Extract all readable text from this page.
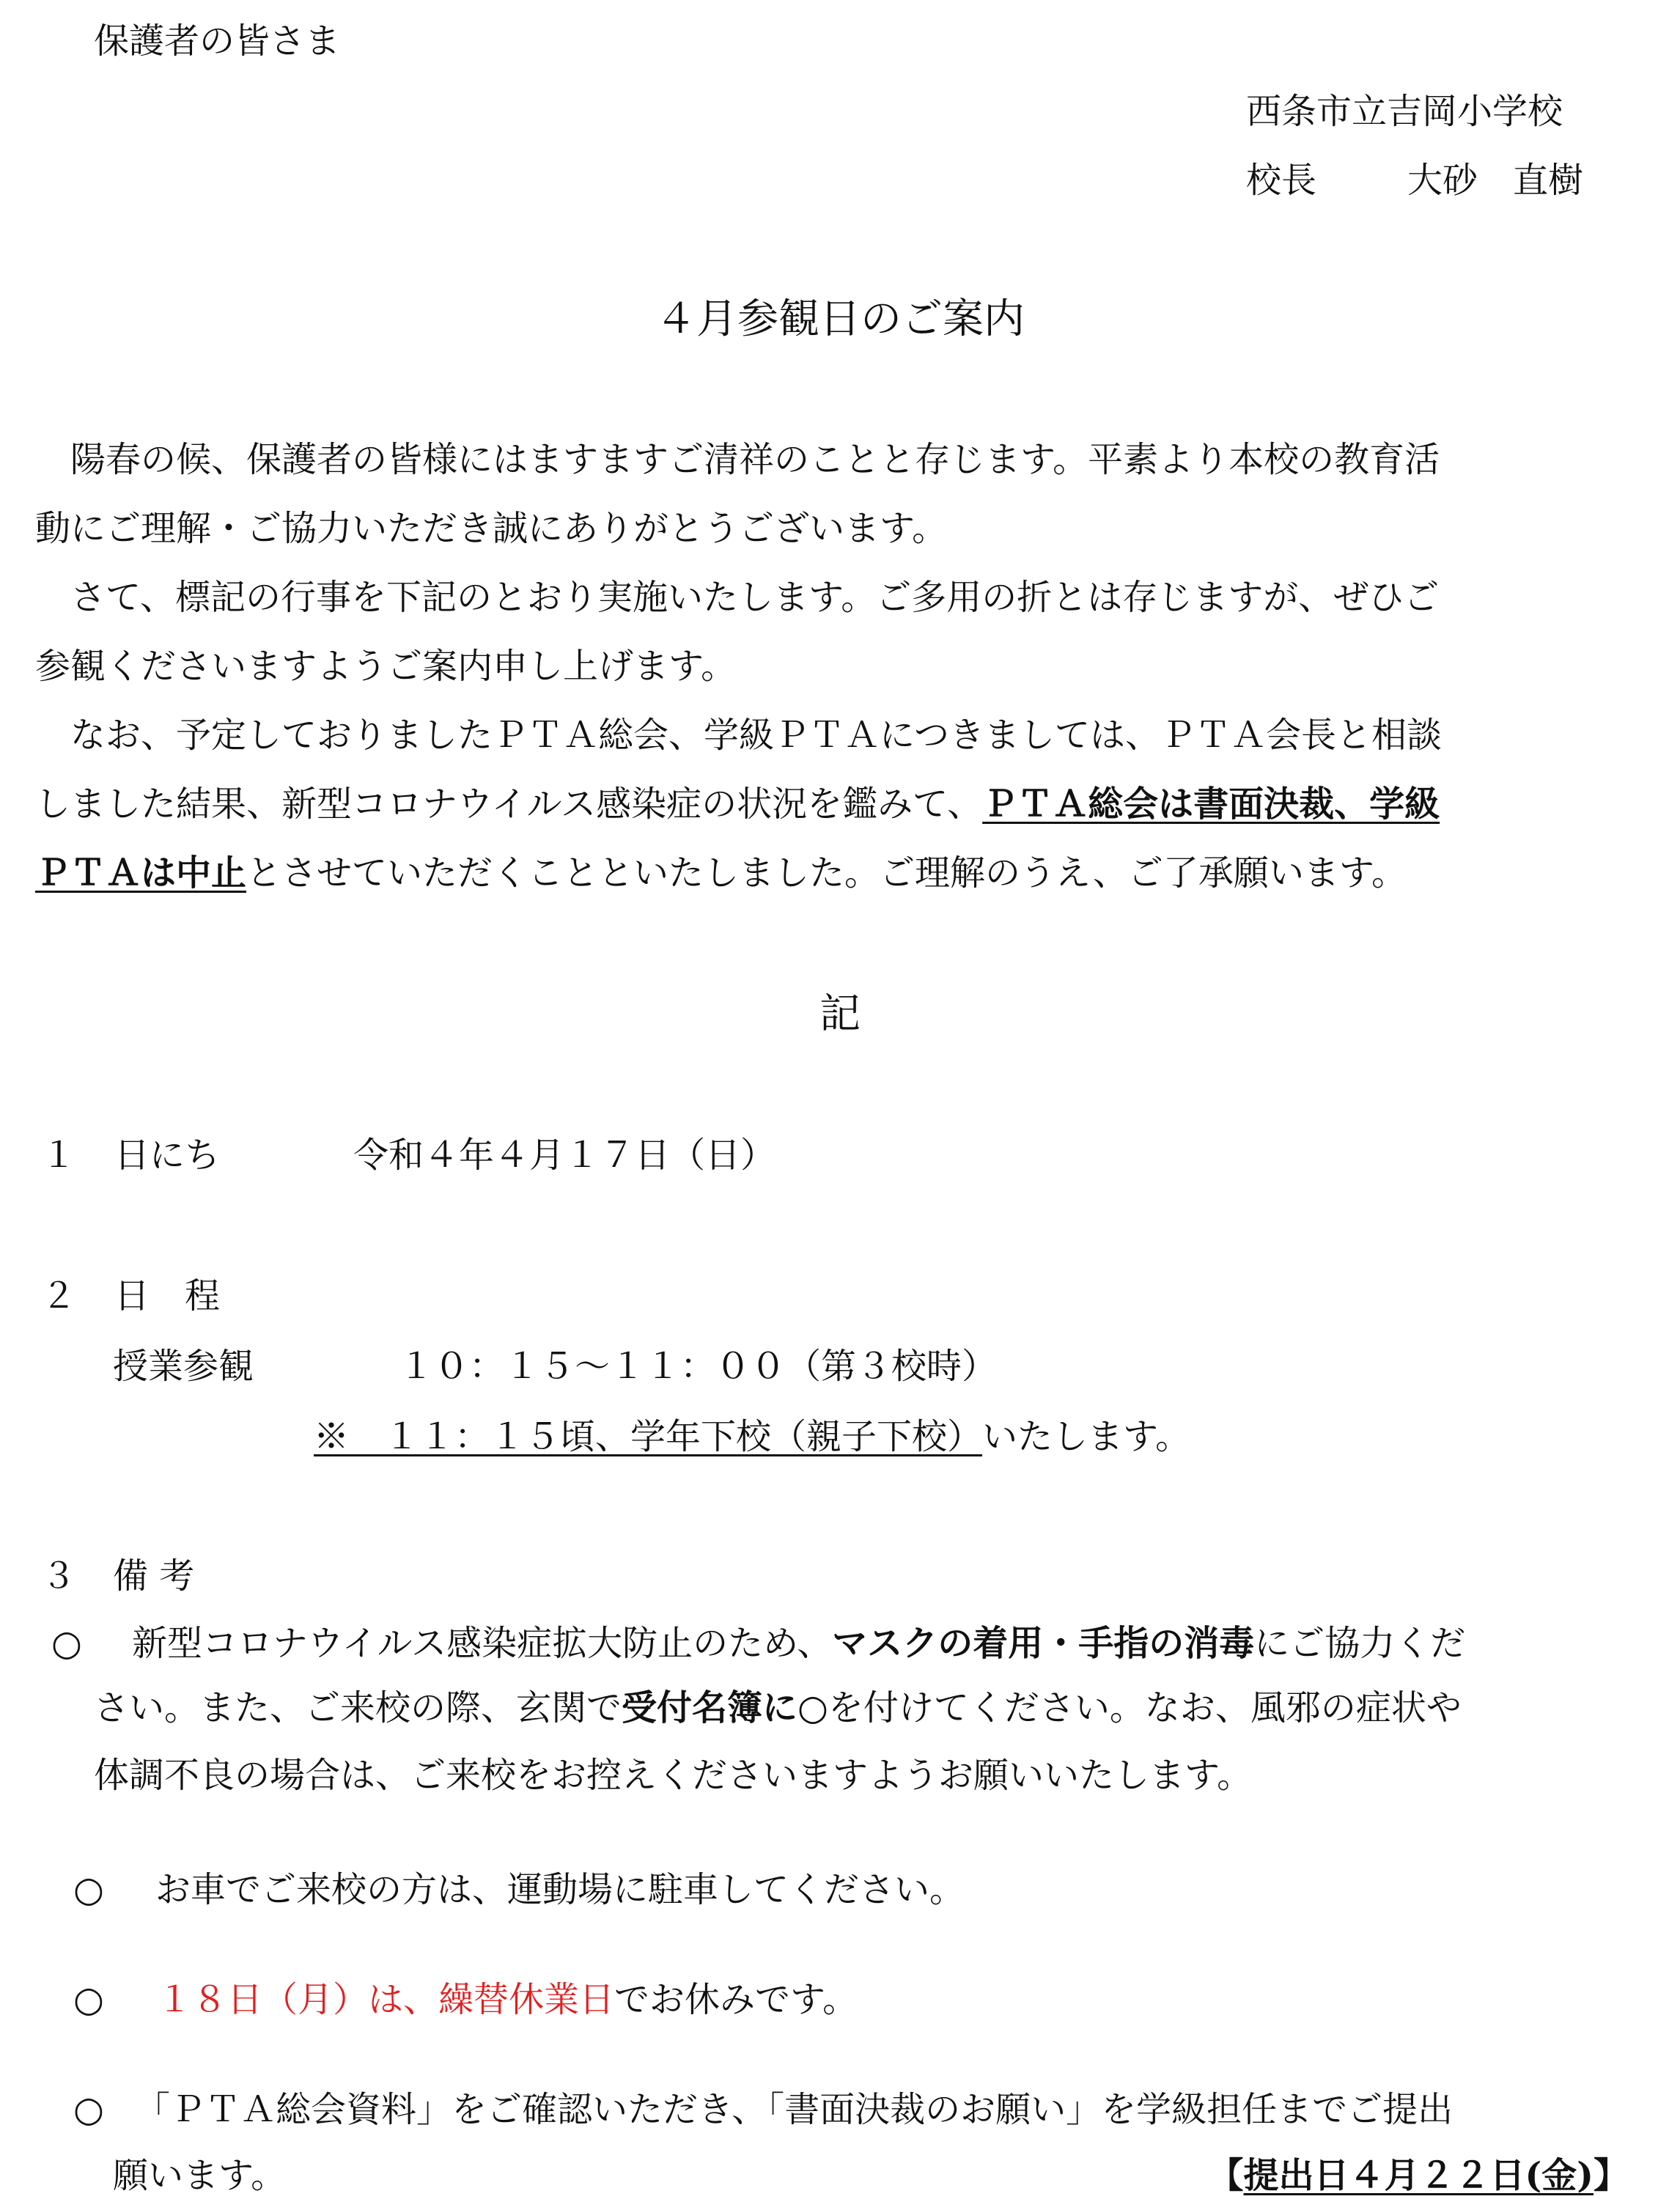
保護者の皆さま
西条市立吉岡小学校
校長	大砂　直樹
４月参観日のご案内
　陽春の候、保護者の皆様にはますますご清祥のことと存じます。平素より本校の教育活
動にご理解・ご協力いただき誠にありがとうございます。
　さて、標記の行事を下記のとおり実施いたします。ご多用の折とは存じますが、ぜひご
参観くださいますようご案内申し上げます。
　なお、予定しておりましたＰＴＡ総会、学級ＰＴＡにつきましては、ＰＴＡ会長と相談
しました結果、新型コロナウイルス感染症の状況を鑑みて、ＰＴＡ総会は書面決裁、学級
ＰＴＡは中止とさせていただくことといたしました。ご理解のうえ、ご了承願います。
記
１ 日にち	令和４年４月１７日（日）
２ 日　程
授業参観	１０：１５～１１：００（第３校時）
※　１１：１５頃、学年下校（親子下校）いたします。
３ 備 考
○ 新型コロナウイルス感染症拡大防止のため、マスクの着用・手指の消毒にご協力くだ
さい。また、ご来校の際、玄関で受付名簿に○を付けてください。なお、風邪の症状や
体調不良の場合は、ご来校をお控えくださいますようお願いいたします。
○ お車でご来校の方は、運動場に駐車してください。
○ １８日（月）は、繰替休業日でお休みです。
○ 「ＰＴＡ総会資料」をご確認いただき、「書面決裁のお願い」を学級担任までご提出
願います。	【提出日４月２２日(金)】
